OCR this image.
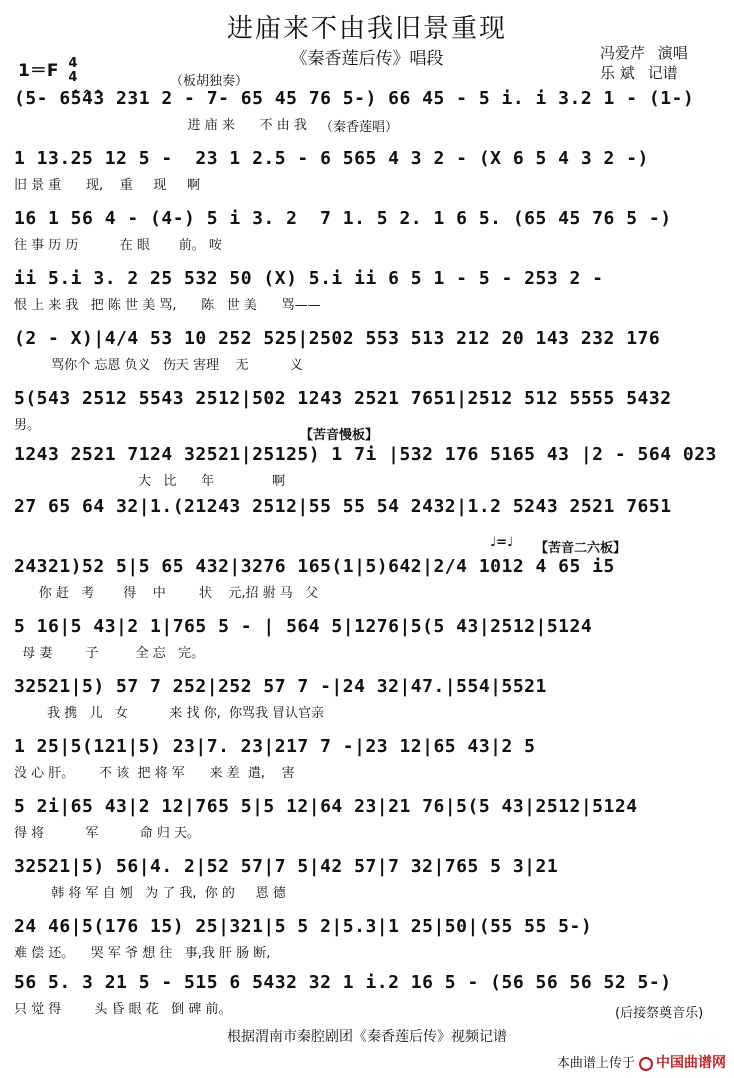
进庙来不由我旧景重现
《秦香莲后传》唱段
1＝F 4
4
冯爱芹 演唱
乐 斌 记谱
（板胡独奏）
（秦香莲唱）
【苦音慢板】
♩=♩ 【苦音二六板】
(5- 6̂5̂4̂3 231 2 - 7- 65 45 76 5-) 66 45 - 5 i. i 3.2 1 - (1-)
进 庙 来      不 由 我
1 13.25 12 5 -  23 1 2.5 - 6 565 4 3 2 - (X 6 5 4 3 2 -)
旧 景 重      现,    重     现     啊
16 1 56 4 - (4-) 5 i 3. 2  7 1. 5 2. 1 6 5. (65 45 76 5 -)
往 事 历 历          在 眼       前。 咹
ii 5.i 3. 2 25 532 50 (X) 5.i ii 6 5 1 - 5 - 253 2 -
恨 上 来 我   把 陈 世 美 骂,      陈   世 美      骂——
(2 - X)|4/4 53 10 252 525|2502 553 513 212 20 143 232 176
骂你个 忘恩 负义   伤天 害理    无          义
5(543 2512 5543 2512|502 1243 2521 7651|2512 512 5555 5432
男。
1243 2521 7124 32521|25125) 1 7i |532 176 5165 43 |2 - 564 023
大   比      年              啊
27 65 64 32|1.(21243 2512|55 55 54 2432|1.2 5243 2521 7651
24321)52 5|5 65 432|3276 165(1|5)642|2/4 1012 4 65 i5
你 赶   考       得    中        状    元,招 驸 马   父
5 16|5 43|2 1|765 5 - | 564 5|1276|5(5 43|2512|5124
母 妻        子         全 忘   完。
32521|5) 57 7 252|252 57 7 -|24 32|47.|554|5521
我 携   儿   女          来 找 你,  你骂我 冒认官亲
1 25|5(121|5) 23|7. 23|217 7 -|23 12|65 43|2 5
没 心 肝。      不 该  把 将 军      来 差  遣,    害
5 2i|65 43|2 12|765 5|5 12|64 23|21 76|5(5 43|2512|5124
得 将          军          命 归 天。
32521|5) 56|4. 2|52 57|7 5|42 57|7 32|765 5 3|21
韩 将 军 自 刎   为 了 我,  你 的     恩 德
24 46|5(176 15) 25|321|5 5 2|5.3|1 25|50|(55 55 5-)
难 偿 还。    哭 军 爷 想 往   事,我 肝 肠 断,
56 5. 3 21 5 - 515 6 5432 32 1 i.2 16 5 - (56 56 56 52 5-)
只 觉 得        头 昏 眼 花   倒 碑 前。	(后接祭奠音乐)
根据渭南市秦腔剧团《秦香莲后传》视频记谱
本曲谱上传于 中国曲谱网
